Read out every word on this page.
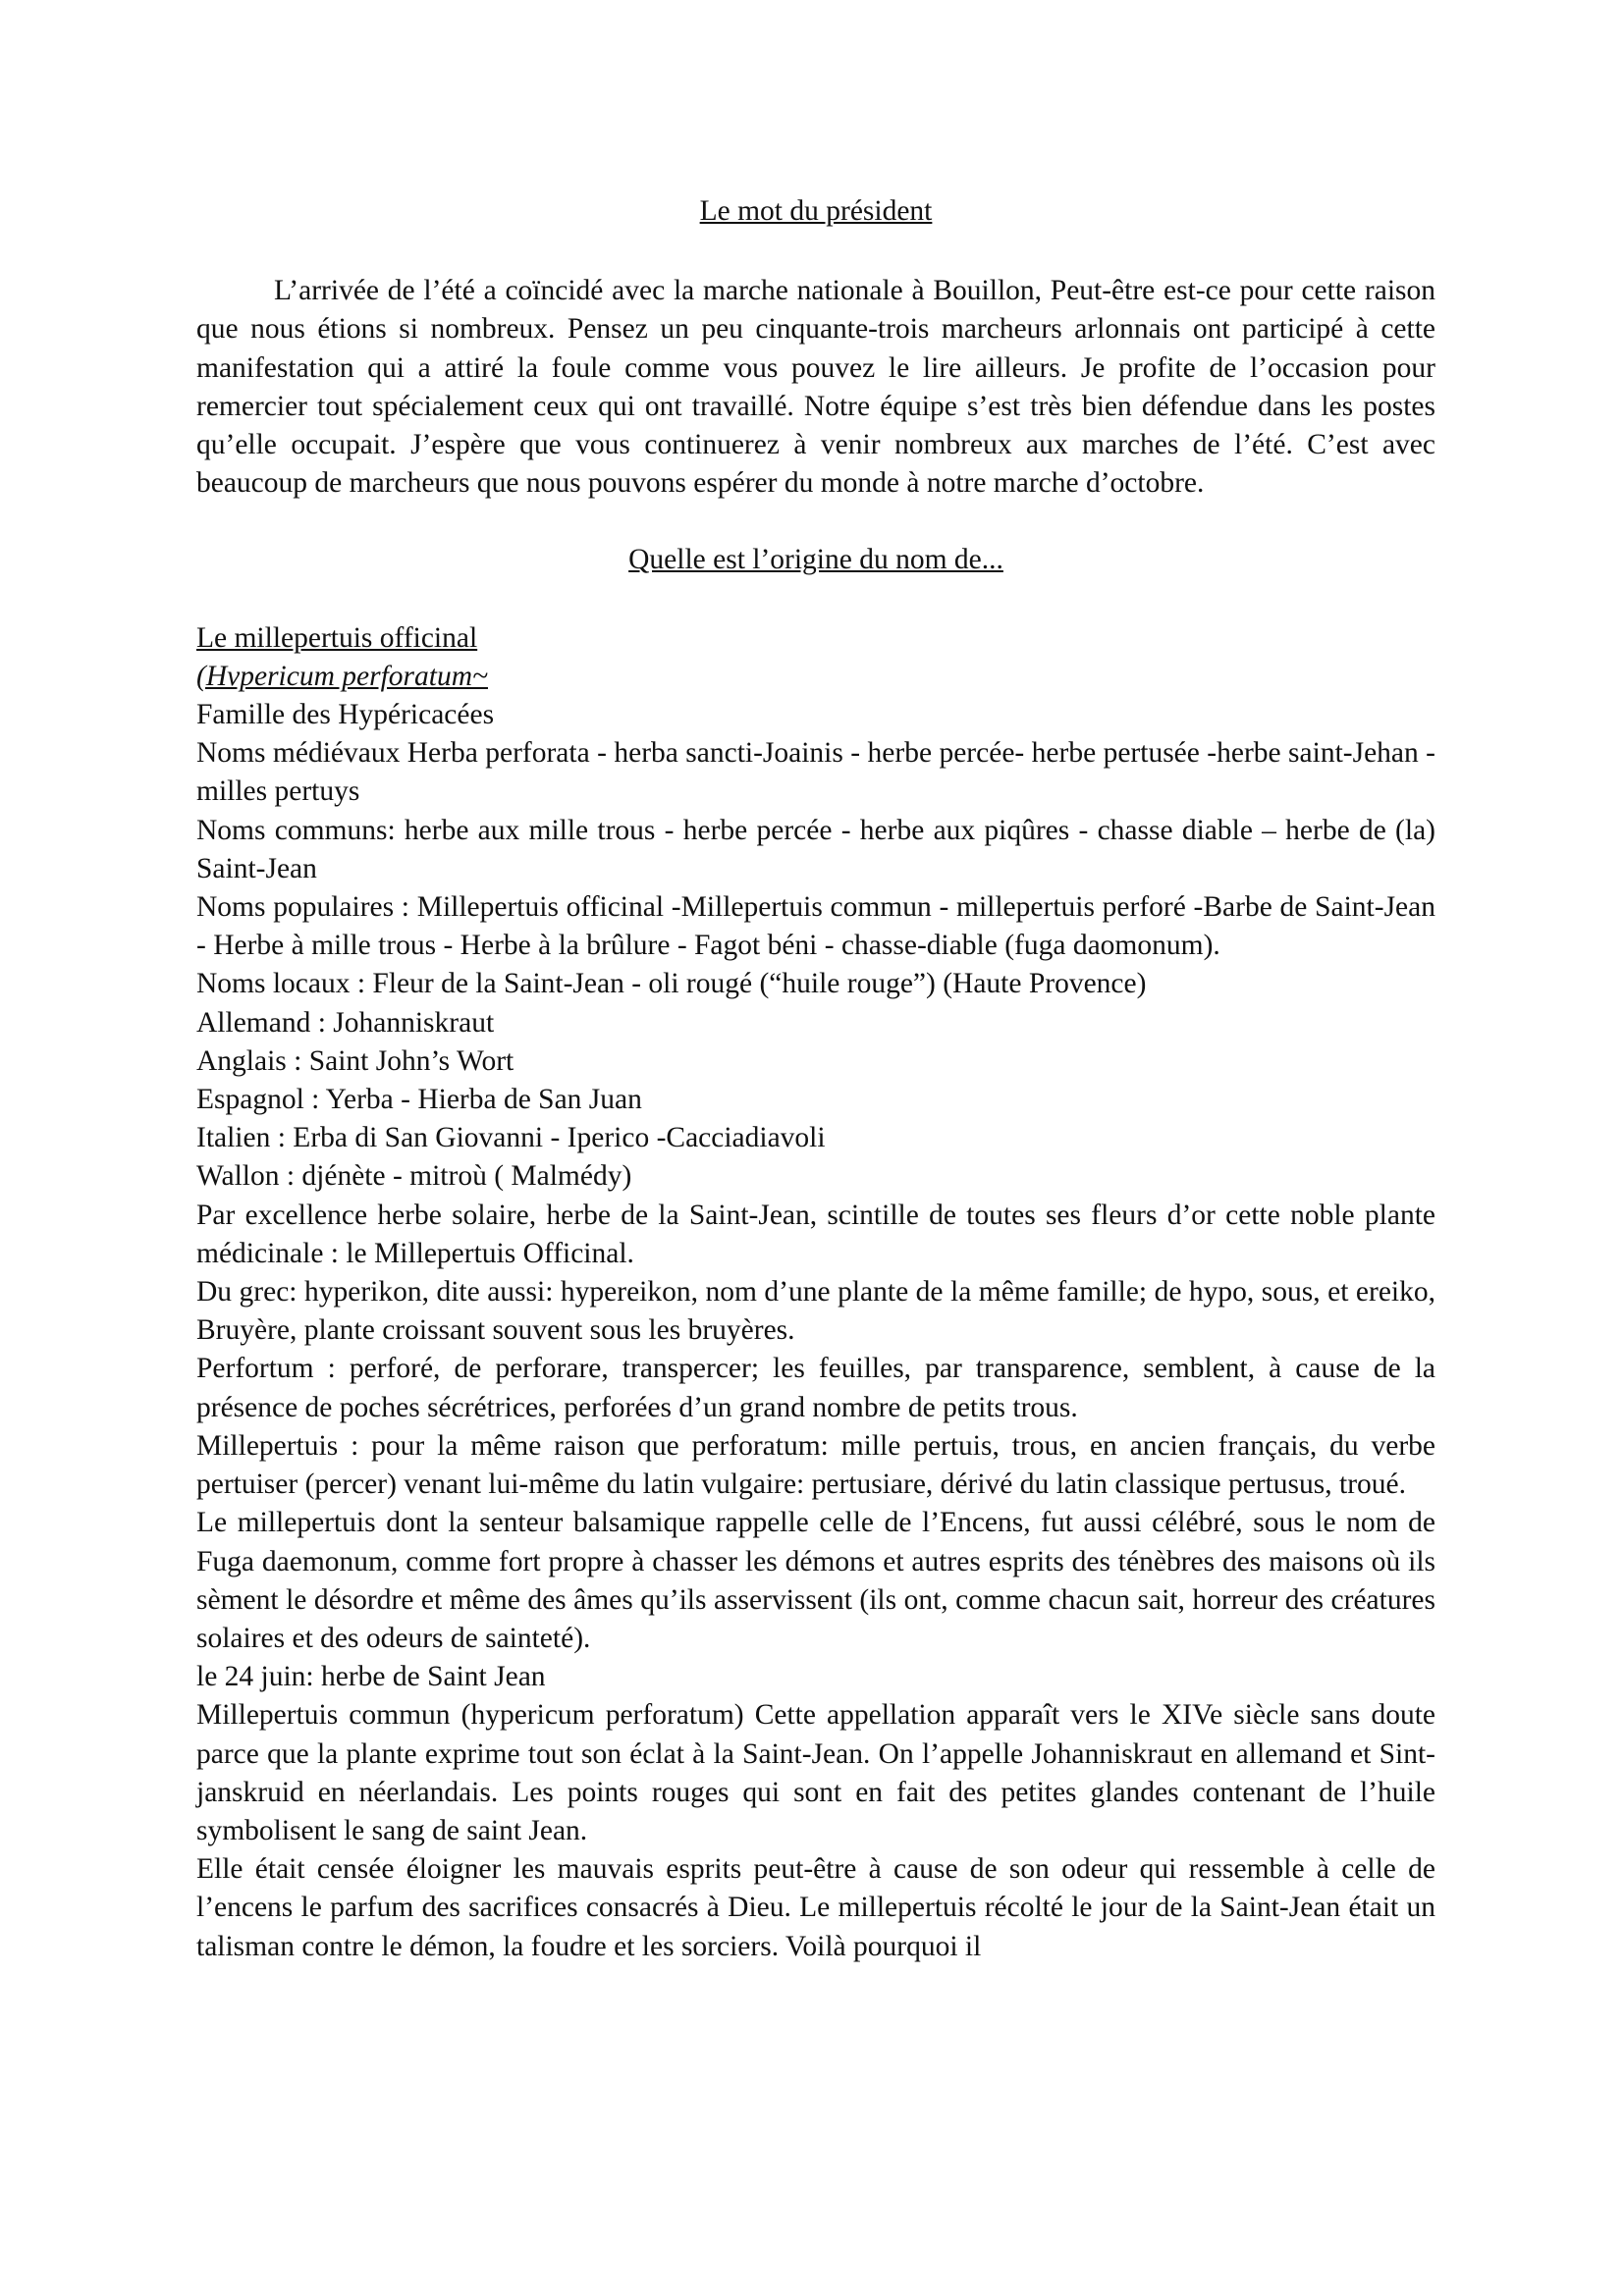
Le mot du président

L’arrivée de l’été a coïncidé avec la marche nationale à Bouillon, Peut-être est-ce pour cette raison que nous étions si nombreux. Pensez un peu cinquante-trois marcheurs arlonnais ont participé à cette manifestation qui a attiré la foule comme vous pouvez le lire ailleurs. Je profite de l’occasion pour remercier tout spécialement ceux qui ont travaillé. Notre équipe s’est très bien défendue dans les postes qu’elle occupait. J’espère que vous continuerez à venir nombreux aux marches de l’été. C’est avec beaucoup de marcheurs que nous pouvons espérer du monde à notre marche d’octobre.

Quelle est l’origine du nom de...

Le millepertuis officinal

(Hvpericum perforatum~

Famille des Hypéricacées

Noms médiévaux Herba perforata - herba sancti-Joainis - herbe percée- herbe pertusée -herbe saint-Jehan - milles pertuys

Noms communs: herbe aux mille trous - herbe percée - herbe aux piqûres - chasse diable – herbe de (la) Saint-Jean

Noms populaires : Millepertuis officinal -Millepertuis commun - millepertuis perforé -Barbe de Saint-Jean - Herbe à mille trous - Herbe à la brûlure - Fagot béni - chasse-diable (fuga daomonum).

Noms locaux : Fleur de la Saint-Jean - oli rougé (“huile rouge”) (Haute Provence)

Allemand : Johanniskraut

Anglais : Saint John’s Wort

Espagnol : Yerba - Hierba de San Juan

Italien : Erba di San Giovanni - Iperico -Cacciadiavoli

Wallon : djénète - mitroù ( Malmédy)

Par excellence herbe solaire, herbe de la Saint-Jean, scintille de toutes ses fleurs d’or cette noble plante médicinale : le Millepertuis Officinal.

Du grec: hyperikon, dite aussi: hypereikon, nom d’une plante de la même famille; de hypo, sous, et ereiko, Bruyère, plante croissant souvent sous les bruyères.

Perfortum : perforé, de perforare, transpercer; les feuilles, par transparence, semblent, à cause de la présence de poches sécrétrices, perforées d’un grand nombre de petits trous.

Millepertuis : pour la même raison que perforatum: mille pertuis, trous, en ancien français, du verbe pertuiser (percer) venant lui-même du latin vulgaire: pertusiare, dérivé du latin classique pertusus, troué.

Le millepertuis dont la senteur balsamique rappelle celle de l’Encens, fut aussi célébré, sous le nom de Fuga daemonum, comme fort propre à chasser les démons et autres esprits des ténèbres des maisons où ils sèment le désordre et même des âmes qu’ils asservissent (ils ont, comme chacun sait, horreur des créatures solaires et des odeurs de sainteté).

le 24 juin: herbe de Saint Jean

Millepertuis commun (hypericum perforatum) Cette appellation apparaît vers le XIVe siècle sans doute parce que la plante exprime tout son éclat à la Saint-Jean. On l’appelle Johanniskraut en allemand et Sint-janskruid en néerlandais. Les points rouges qui sont en fait des petites glandes contenant de l’huile symbolisent le sang de saint Jean.

Elle était censée éloigner les mauvais esprits peut-être à cause de son odeur qui ressemble à celle de l’encens le parfum des sacrifices consacrés à Dieu. Le millepertuis récolté le jour de la Saint-Jean était un talisman contre le démon, la foudre et les sorciers. Voilà pourquoi il
